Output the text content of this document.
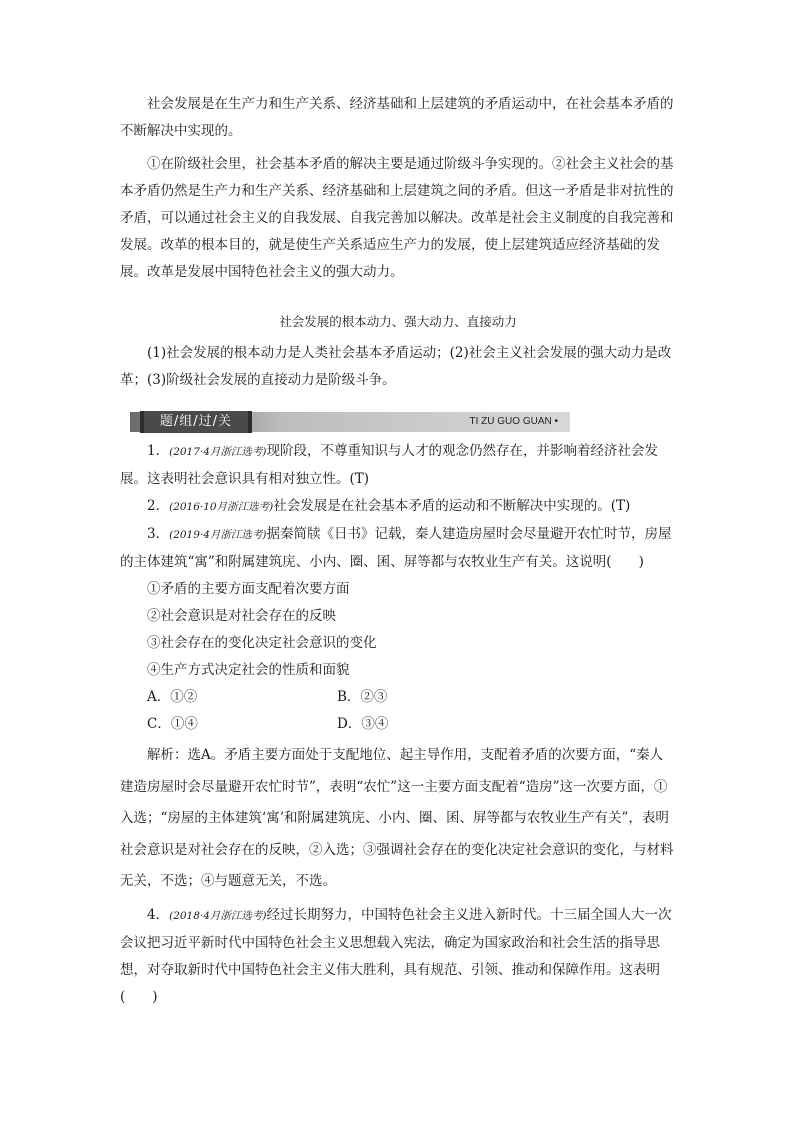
社会发展是在生产力和生产关系、经济基础和上层建筑的矛盾运动中，在社会基本矛盾的不断解决中实现的。

①在阶级社会里，社会基本矛盾的解决主要是通过阶级斗争实现的。②社会主义社会的基本矛盾仍然是生产力和生产关系、经济基础和上层建筑之间的矛盾。但这一矛盾是非对抗性的矛盾，可以通过社会主义的自我发展、自我完善加以解决。改革是社会主义制度的自我完善和发展。改革的根本目的，就是使生产关系适应生产力的发展，使上层建筑适应经济基础的发展。改革是发展中国特色社会主义的强大动力。

社会发展的根本动力、强大动力、直接动力

(1)社会发展的根本动力是人类社会基本矛盾运动；(2)社会主义社会发展的强大动力是改革；(3)阶级社会发展的直接动力是阶级斗争。

1．(2017·4月浙江选考)现阶段，不尊重知识与人才的观念仍然存在，并影响着经济社会发展。这表明社会意识具有相对独立性。(T)

2．(2016·10月浙江选考)社会发展是在社会基本矛盾的运动和不断解决中实现的。(T)

3．(2019·4月浙江选考)据秦简牍《日书》记载，秦人建造房屋时会尽量避开农忙时节，房屋的主体建筑“寓”和附属建筑庑、小内、圈、囷、屏等都与农牧业生产有关。这说明(　　)

①矛盾的主要方面支配着次要方面

②社会意识是对社会存在的反映

③社会存在的变化决定社会意识的变化

④生产方式决定社会的性质和面貌

A．①②	B．②③

C．①④	D．③④

解析：选A。矛盾主要方面处于支配地位、起主导作用，支配着矛盾的次要方面，“秦人建造房屋时会尽量避开农忙时节”，表明“农忙”这一主要方面支配着“造房”这一次要方面，①入选；“房屋的主体建筑‘寓’和附属建筑庑、小内、圈、囷、屏等都与农牧业生产有关”，表明社会意识是对社会存在的反映，②入选；③强调社会存在的变化决定社会意识的变化，与材料无关，不选；④与题意无关，不选。

4．(2018·4月浙江选考)经过长期努力，中国特色社会主义进入新时代。十三届全国人大一次会议把习近平新时代中国特色社会主义思想载入宪法，确定为国家政治和社会生活的指导思想，对夺取新时代中国特色社会主义伟大胜利，具有规范、引领、推动和保障作用。这表明(　　)

题/组/过/关	TI ZU GUO GUAN •
